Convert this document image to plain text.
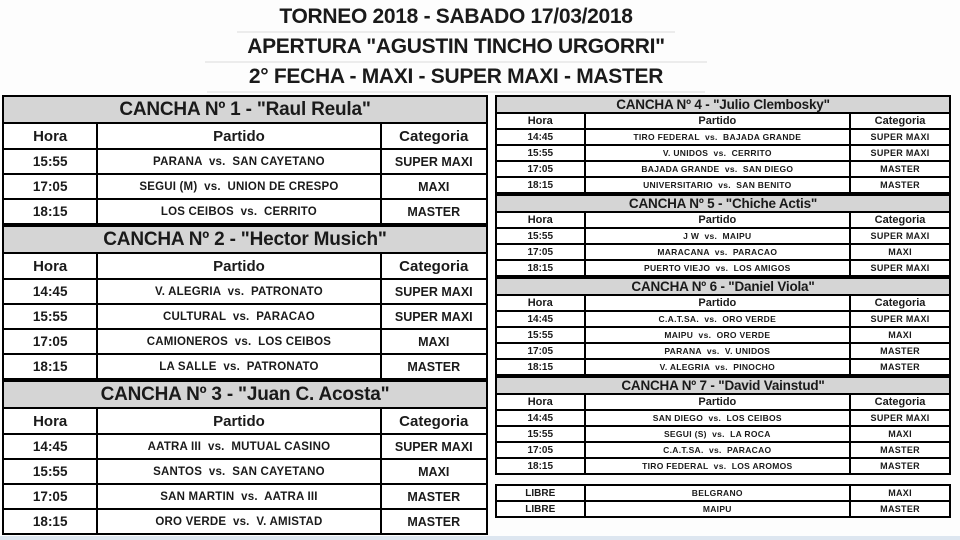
TORNEO 2018 - SABADO 17/03/2018
APERTURA "AGUSTIN TINCHO URGORRI"
2° FECHA - MAXI - SUPER MAXI - MASTER
CANCHA Nº 1 - "Raul Reula"		
Hora	Partido	Categoria
15:55	PARANA  vs.  SAN CAYETANO	SUPER MAXI
17:05	SEGUI (M)  vs.  UNION DE CRESPO	MAXI
18:15	LOS CEIBOS  vs.  CERRITO	MASTER
CANCHA Nº 2 - "Hector Musich"		
Hora	Partido	Categoria
14:45	V. ALEGRIA  vs.  PATRONATO	SUPER MAXI
15:55	CULTURAL  vs.  PARACAO	SUPER MAXI
17:05	CAMIONEROS  vs.  LOS CEIBOS	MAXI
18:15	LA SALLE  vs.  PATRONATO	MASTER
CANCHA Nº 3 - "Juan C. Acosta"		
Hora	Partido	Categoria
14:45	AATRA III  vs.  MUTUAL CASINO	SUPER MAXI
15:55	SANTOS  vs.  SAN CAYETANO	MAXI
17:05	SAN MARTIN  vs.  AATRA III	MASTER
18:15	ORO VERDE  vs.  V. AMISTAD	MASTER
CANCHA Nº 4 - "Julio Clembosky"		
Hora	Partido	Categoria
14:45	TIRO FEDERAL  vs.  BAJADA GRANDE	SUPER MAXI
15:55	V. UNIDOS  vs.  CERRITO	SUPER MAXI
17:05	BAJADA GRANDE  vs.  SAN DIEGO	MASTER
18:15	UNIVERSITARIO  vs.  SAN BENITO	MASTER
CANCHA Nº 5 - "Chiche Actis"		
Hora	Partido	Categoria
15:55	J W  vs.  MAIPU	SUPER MAXI
17:05	MARACANA  vs.  PARACAO	MAXI
18:15	PUERTO VIEJO  vs.  LOS AMIGOS	SUPER MAXI
CANCHA Nº 6 - "Daniel Viola"		
Hora	Partido	Categoria
14:45	C.A.T.SA.  vs.  ORO VERDE	SUPER MAXI
15:55	MAIPU  vs.  ORO VERDE	MAXI
17:05	PARANA  vs.  V. UNIDOS	MASTER
18:15	V. ALEGRIA  vs.  PINOCHO	MASTER
CANCHA Nº 7 - "David Vainstud"		
Hora	Partido	Categoria
14:45	SAN DIEGO  vs.  LOS CEIBOS	SUPER MAXI
15:55	SEGUI (S)  vs.  LA ROCA	MAXI
17:05	C.A.T.SA.  vs.  PARACAO	MASTER
18:15	TIRO FEDERAL  vs.  LOS AROMOS	MASTER
LIBRE	BELGRANO	MAXI
LIBRE	MAIPU	MASTER
